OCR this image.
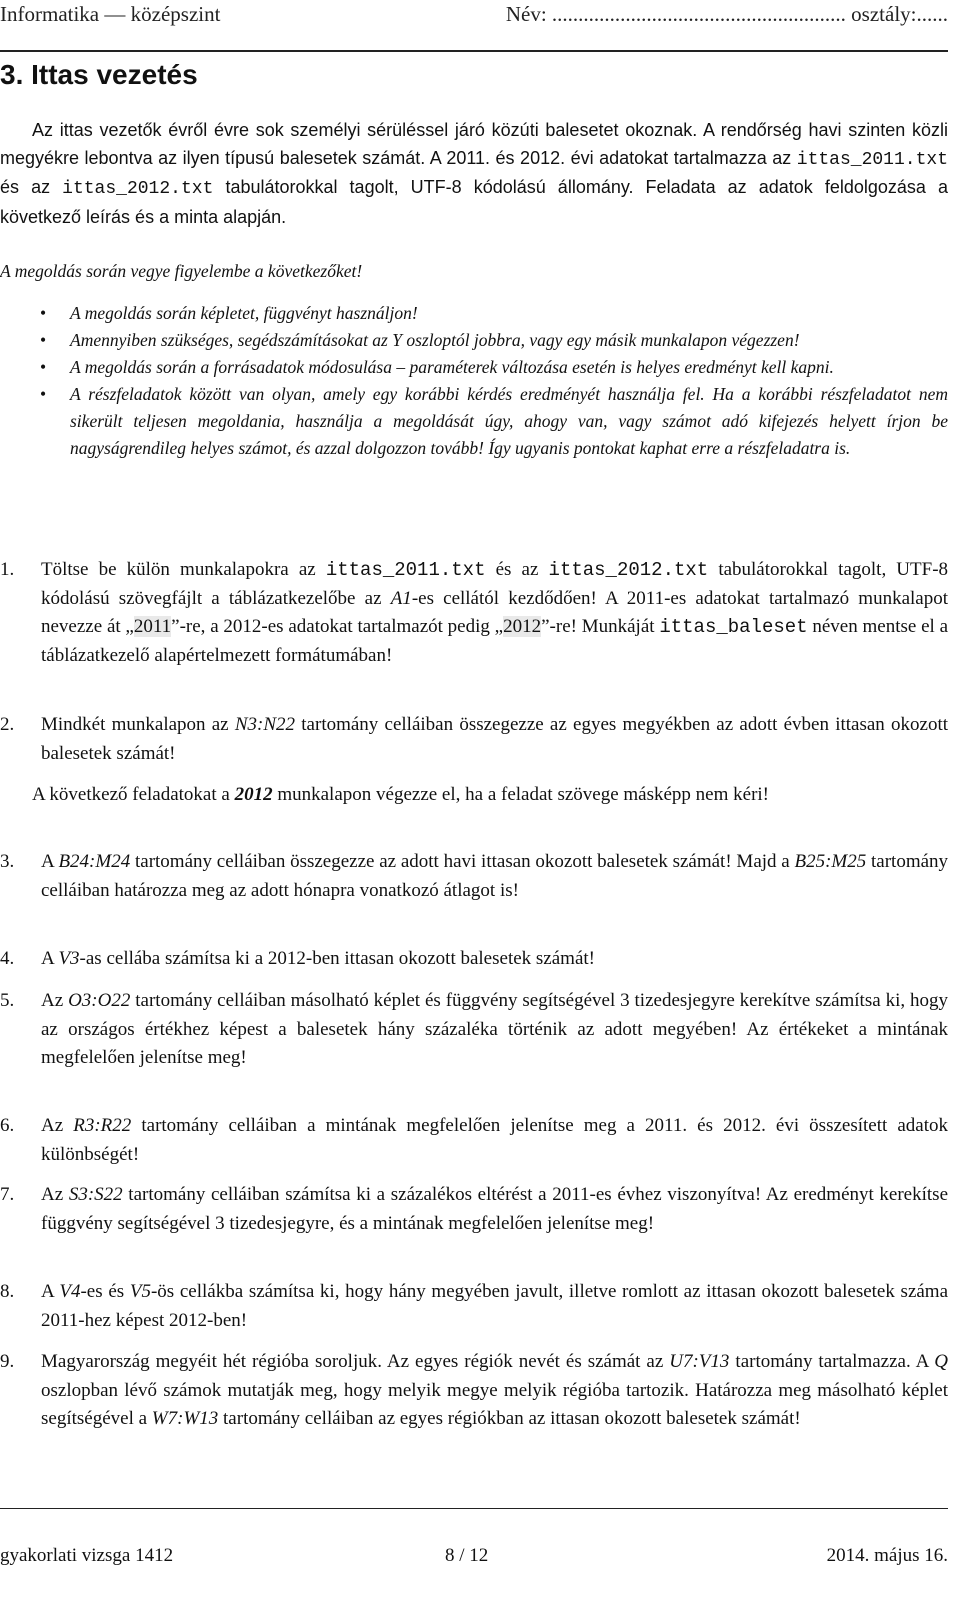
Informatika — középszint	Név: ........................................................ osztály:......
3. Ittas vezetés
Az ittas vezetők évről évre sok személyi sérüléssel járó közúti balesetet okoznak. A rendőrség havi szinten közli megyékre lebontva az ilyen típusú balesetek számát. A 2011. és 2012. évi adatokat tartalmazza az ittas_2011.txt és az ittas_2012.txt tabulátorokkal tagolt, UTF-8 kódolású állomány. Feladata az adatok feldolgozása a következő leírás és a minta alapján.
A megoldás során vegye figyelembe a következőket!
• A megoldás során képletet, függvényt használjon!
• Amennyiben szükséges, segédszámításokat az Y oszloptól jobbra, vagy egy másik munkalapon végezzen!
• A megoldás során a forrásadatok módosulása – paraméterek változása esetén is helyes eredményt kell kapni.
• A részfeladatok között van olyan, amely egy korábbi kérdés eredményét használja fel. Ha a korábbi részfeladatot nem sikerült teljesen megoldania, használja a megoldását úgy, ahogy van, vagy számot adó kifejezés helyett írjon be nagyságrendileg helyes számot, és azzal dolgozzon tovább! Így ugyanis pontokat kaphat erre a részfeladatra is.
1. Töltse be külön munkalapokra az ittas_2011.txt és az ittas_2012.txt tabulátorokkal tagolt, UTF-8 kódolású szövegfájlt a táblázatkezelőbe az A1-es cellától kezdődően! A 2011-es adatokat tartalmazó munkalapot nevezze át „2011”-re, a 2012-es adatokat tartalmazót pedig „2012”-re! Munkáját ittas_baleset néven mentse el a táblázatkezelő alapértelmezett formátumában!
2. Mindkét munkalapon az N3:N22 tartomány celláiban összegezze az egyes megyékben az adott évben ittasan okozott balesetek számát!
A következő feladatokat a 2012 munkalapon végezze el, ha a feladat szövege másképp nem kéri!
3. A B24:M24 tartomány celláiban összegezze az adott havi ittasan okozott balesetek számát! Majd a B25:M25 tartomány celláiban határozza meg az adott hónapra vonatkozó átlagot is!
4. A V3-as cellába számítsa ki a 2012-ben ittasan okozott balesetek számát!
5. Az O3:O22 tartomány celláiban másolható képlet és függvény segítségével 3 tizedesjegyre kerekítve számítsa ki, hogy az országos értékhez képest a balesetek hány százaléka történik az adott megyében! Az értékeket a mintának megfelelően jelenítse meg!
6. Az R3:R22 tartomány celláiban a mintának megfelelően jelenítse meg a 2011. és 2012. évi összesített adatok különbségét!
7. Az S3:S22 tartomány celláiban számítsa ki a százalékos eltérést a 2011-es évhez viszonyítva! Az eredményt kerekítse függvény segítségével 3 tizedesjegyre, és a mintának megfelelően jelenítse meg!
8. A V4-es és V5-ös cellákba számítsa ki, hogy hány megyében javult, illetve romlott az ittasan okozott balesetek száma 2011-hez képest 2012-ben!
9. Magyarország megyéit hét régióba soroljuk. Az egyes régiók nevét és számát az U7:V13 tartomány tartalmazza. A Q oszlopban lévő számok mutatják meg, hogy melyik megye melyik régióba tartozik. Határozza meg másolható képlet segítségével a W7:W13 tartomány celláiban az egyes régiókban az ittasan okozott balesetek számát!
gyakorlati vizsga 1412	8 / 12	2014. május 16.
